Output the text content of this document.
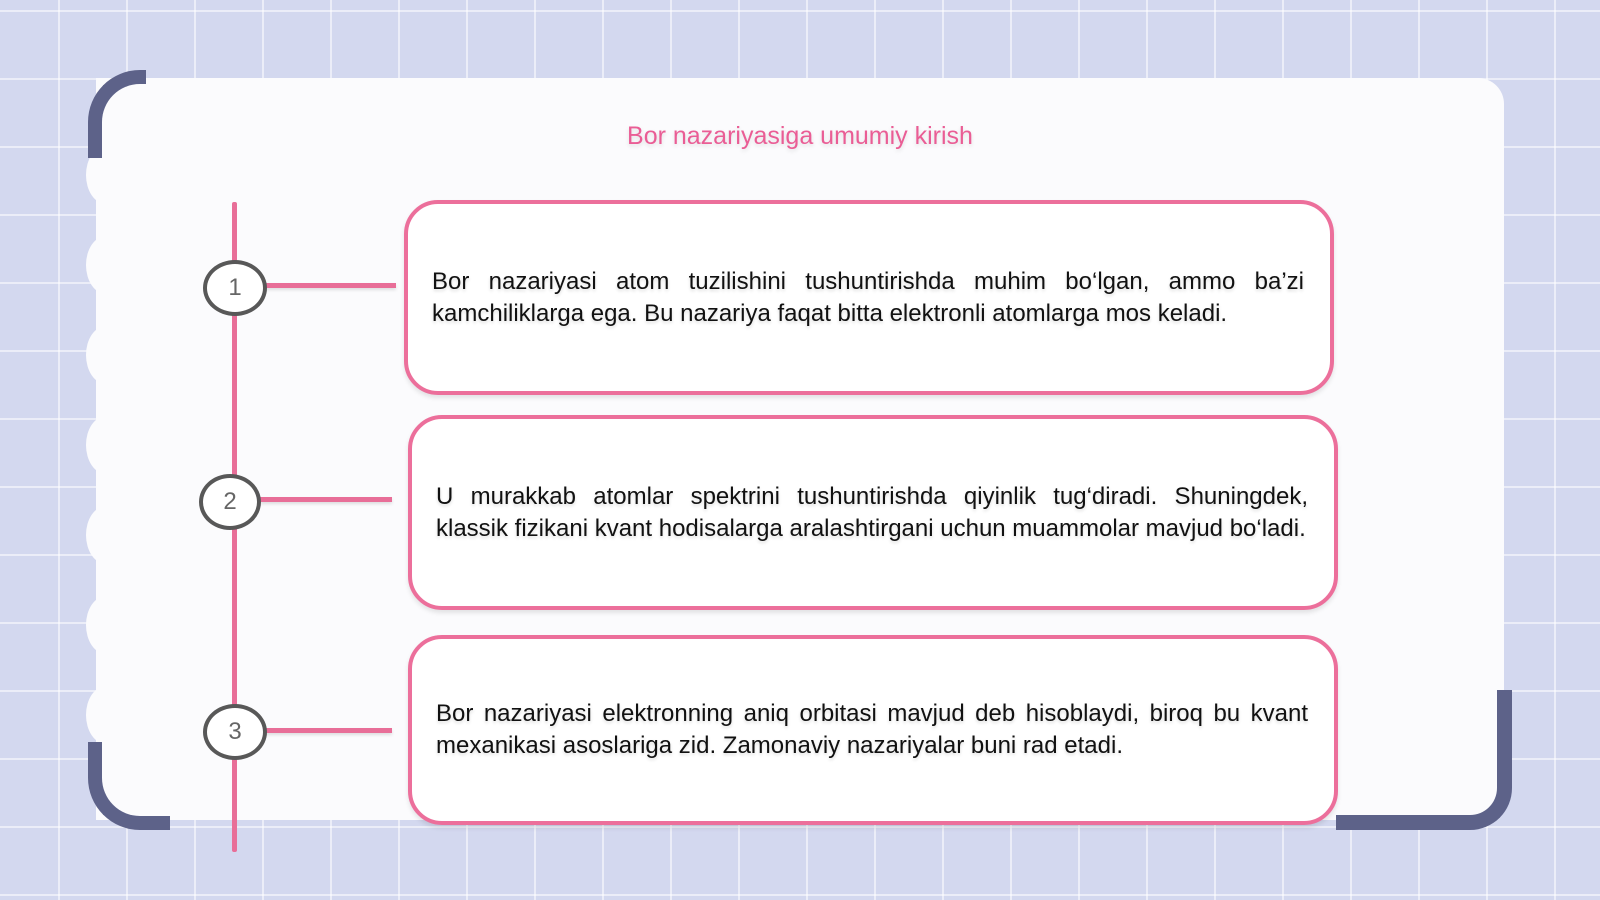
Bor nazariyasiga umumiy kirish
1
2
3

Bor nazariyasi atom tuzilishini tushuntirishda muhim bo‘lgan, ammo ba’zi kamchiliklarga ega. Bu nazariya faqat bitta elektronli atomlarga mos keladi.

U murakkab atomlar spektrini tushuntirishda qiyinlik tug‘diradi. Shuningdek, klassik fizikani kvant hodisalarga aralashtirgani uchun muammolar mavjud bo‘ladi.

Bor nazariyasi elektronning aniq orbitasi mavjud deb hisoblaydi, biroq bu kvant mexanikasi asoslariga zid. Zamonaviy nazariyalar buni rad etadi.
